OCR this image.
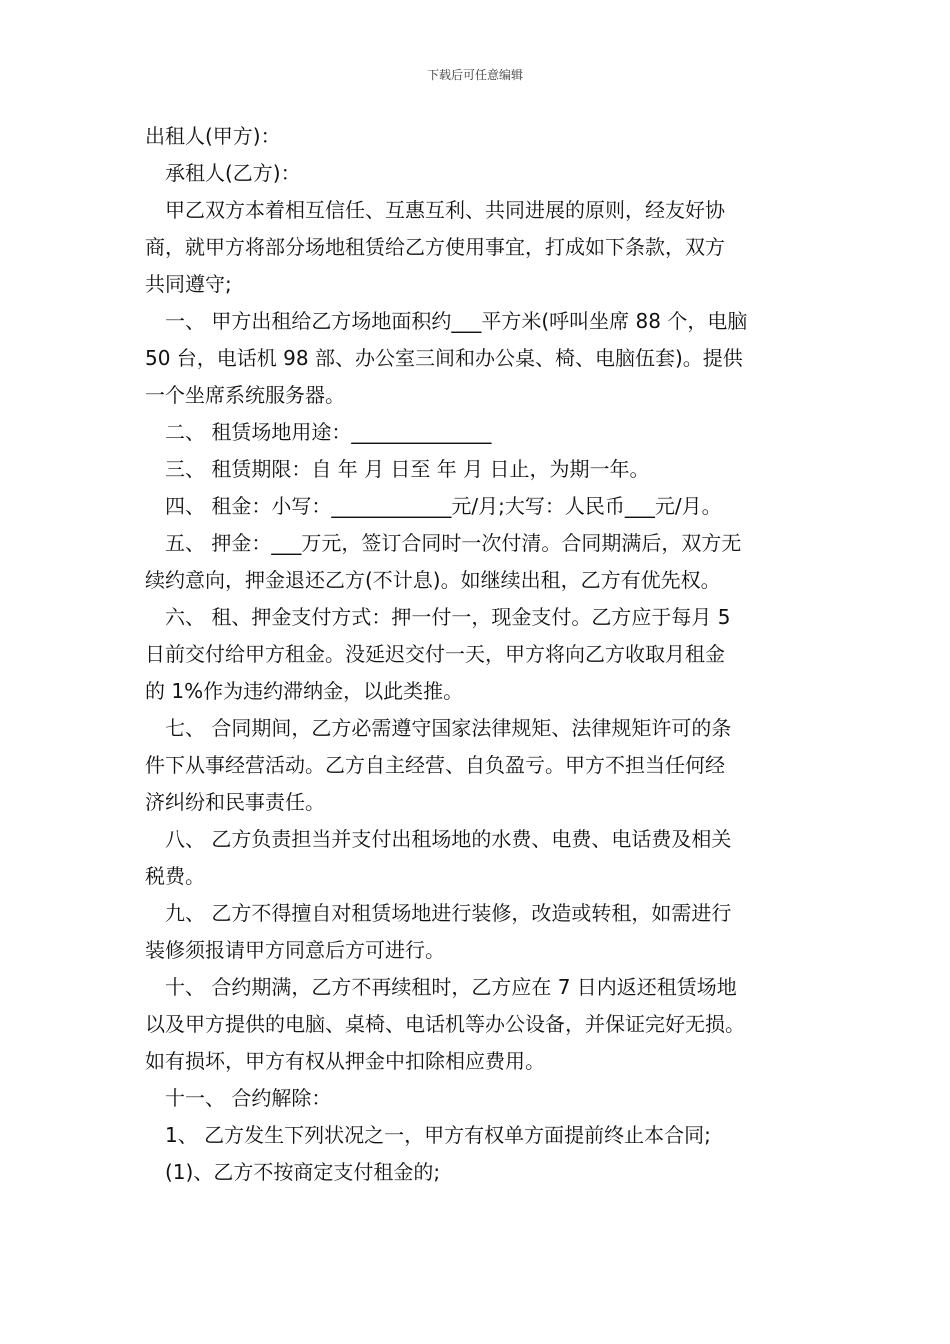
下载后可任意编辑
出租人(甲方)：
　承租人(乙方)：
　甲乙双方本着相互信任、互惠互利、共同进展的原则，经友好协
商，就甲方将部分场地租赁给乙方使用事宜，打成如下条款，双方
共同遵守;
　一、 甲方出租给乙方场地面积约___平方米(呼叫坐席 88 个，电脑
50 台，电话机 98 部、办公室三间和办公桌、椅、电脑伍套)。提供
一个坐席系统服务器。
　二、 租赁场地用途：______________
　三、 租赁期限：自 年 月 日至 年 月 日止，为期一年。
　四、 租金：小写：____________元/月;大写：人民币___元/月。
　五、 押金：___万元，签订合同时一次付清。合同期满后，双方无
续约意向，押金退还乙方(不计息)。如继续出租，乙方有优先权。
　六、 租、押金支付方式：押一付一，现金支付。乙方应于每月 5
日前交付给甲方租金。没延迟交付一天，甲方将向乙方收取月租金
的 1%作为违约滞纳金，以此类推。
　七、 合同期间，乙方必需遵守国家法律规矩、法律规矩许可的条
件下从事经营活动。乙方自主经营、自负盈亏。甲方不担当任何经
济纠纷和民事责任。
　八、 乙方负责担当并支付出租场地的水费、电费、电话费及相关
税费。
　九、 乙方不得擅自对租赁场地进行装修，改造或转租，如需进行
装修须报请甲方同意后方可进行。
　十、 合约期满，乙方不再续租时，乙方应在 7 日内返还租赁场地
以及甲方提供的电脑、桌椅、电话机等办公设备，并保证完好无损。
如有损坏，甲方有权从押金中扣除相应费用。
　十一、 合约解除：
　1、 乙方发生下列状况之一，甲方有权单方面提前终止本合同;
　(1)、乙方不按商定支付租金的;
